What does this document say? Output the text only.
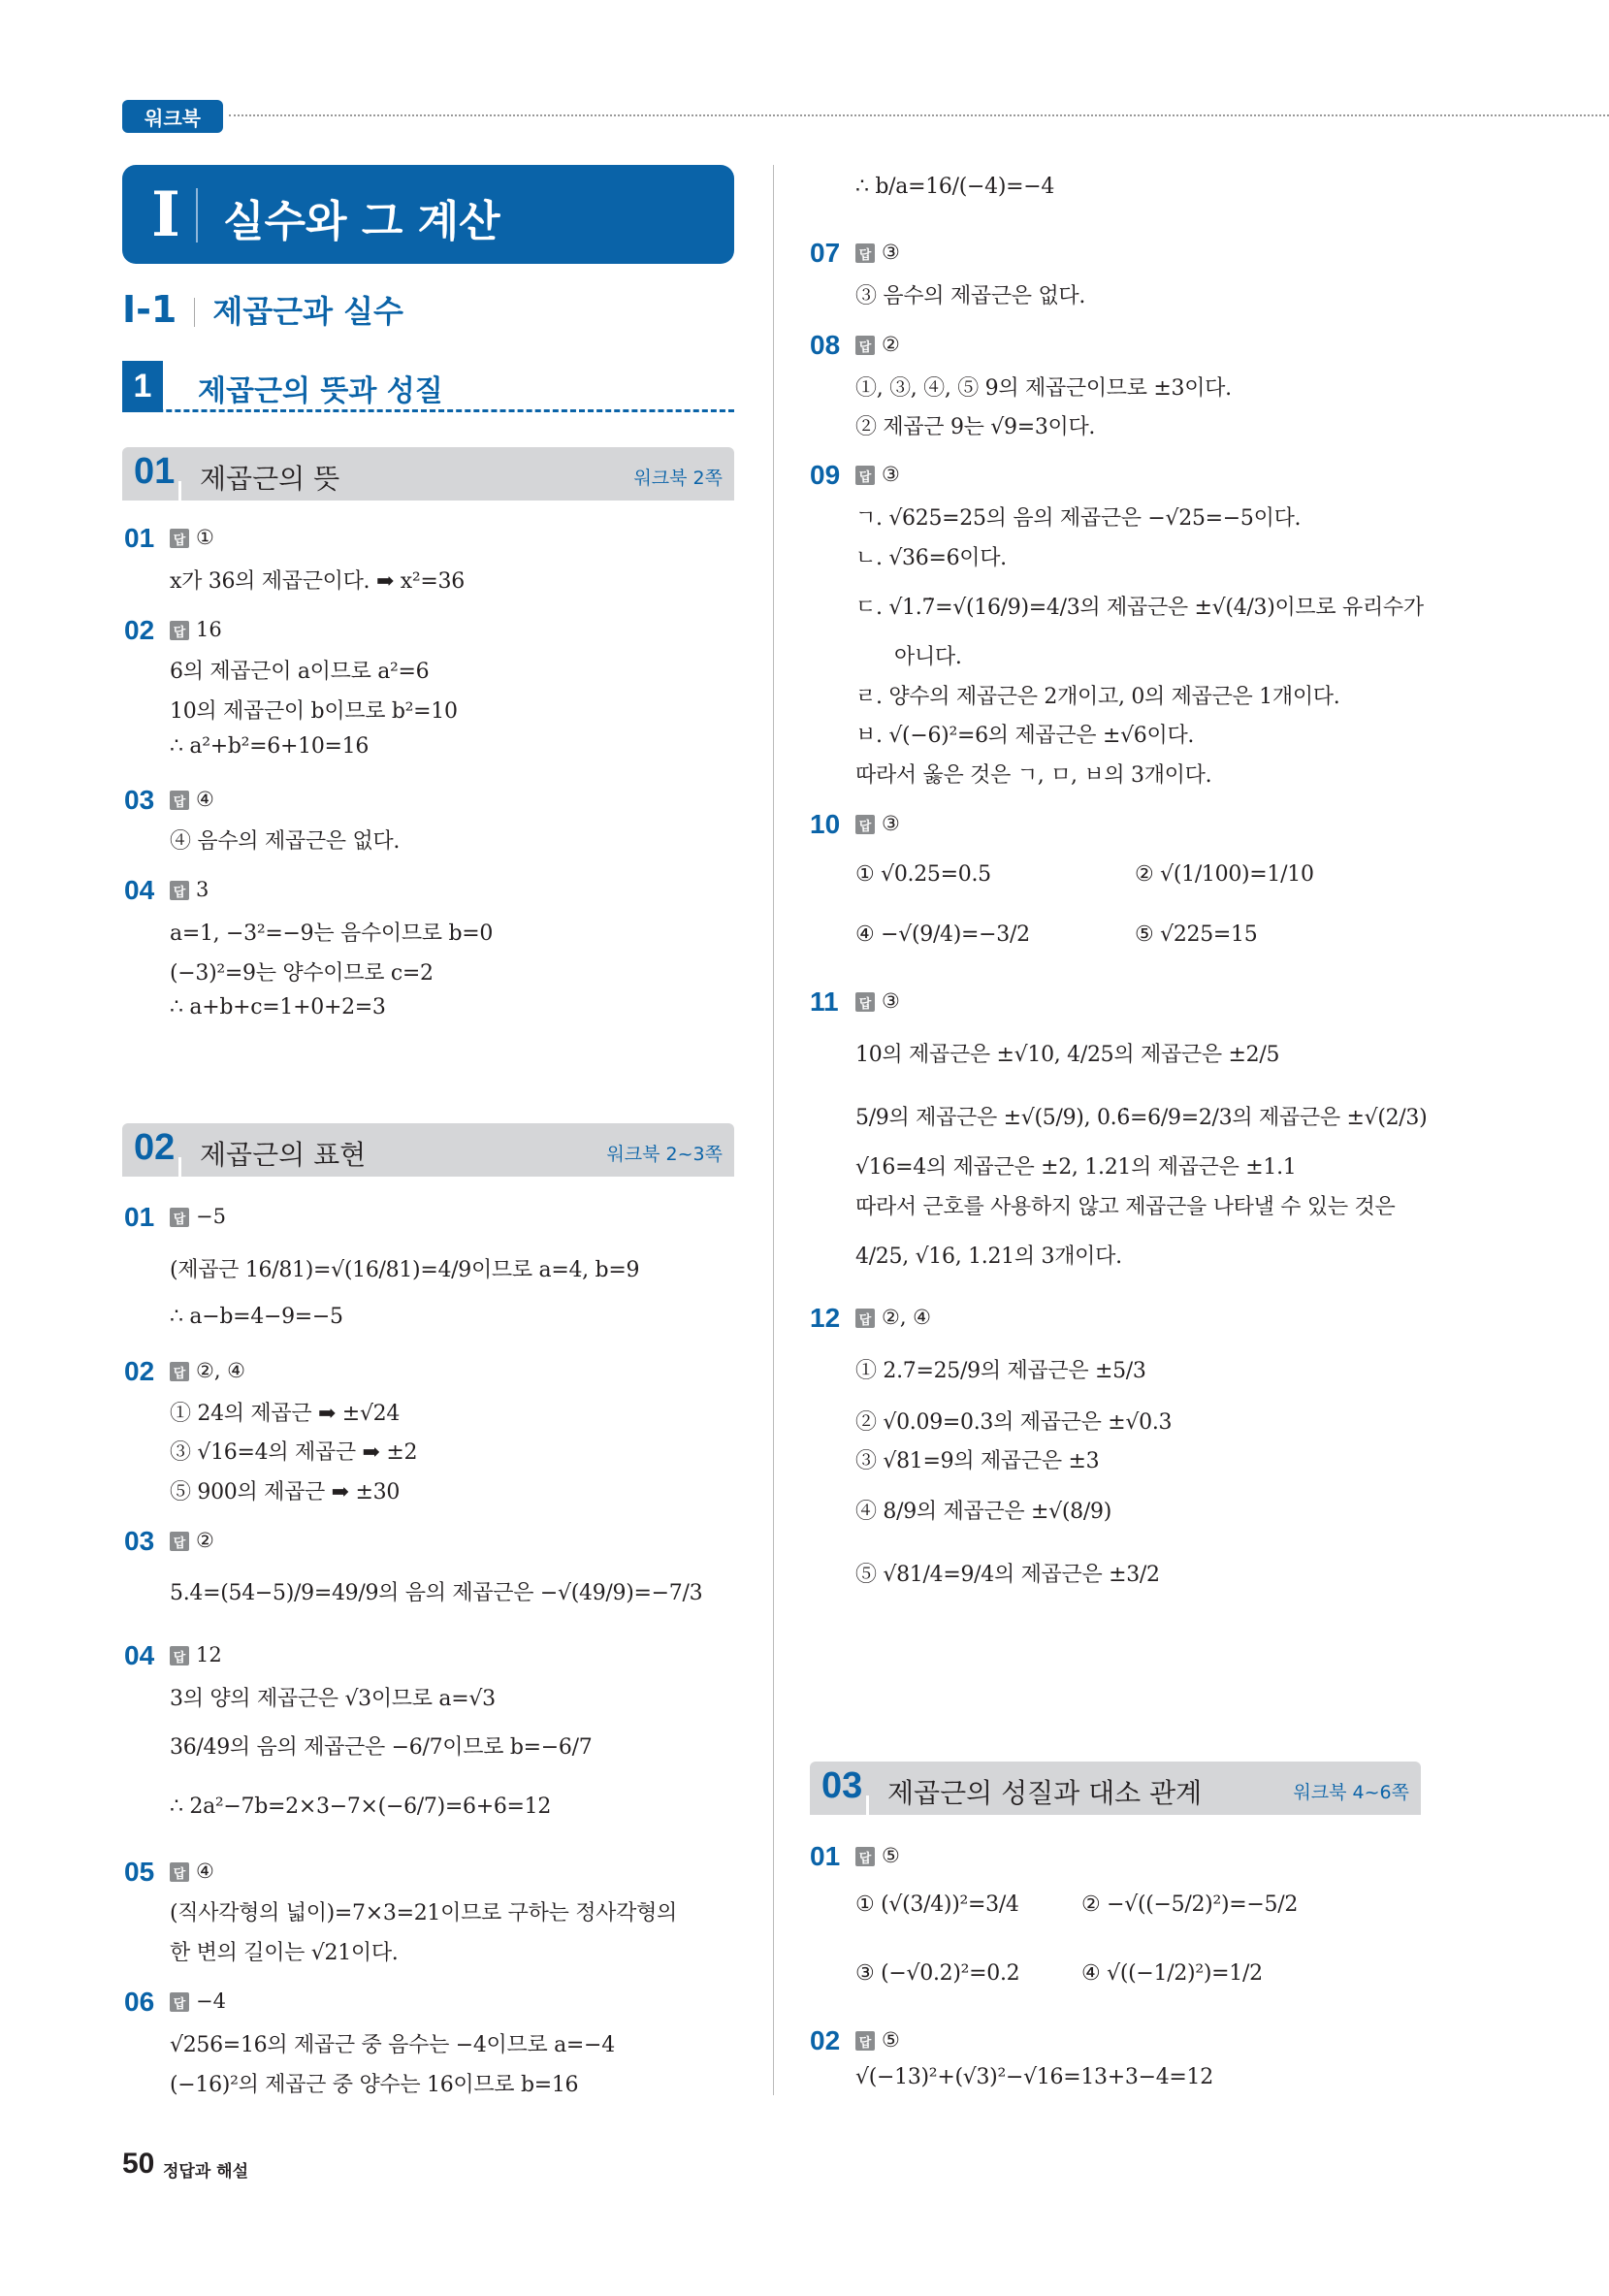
워크북
I 실수와 그 계산
I-1 제곱근과 실수
1	제곱근의 뜻과 성질
01 제곱근의 뜻	워크북 2쪽
02 제곱근의 표현	워크북 2~3쪽
03 제곱근의 성질과 대소 관계	워크북 4~6쪽
∴ b/a=16/(−4)=−4
01 답 ①
x가 36의 제곱근이다. ➡ x²=36
02 답 16
6의 제곱근이 a이므로 a²=6
10의 제곱근이 b이므로 b²=10
∴ a²+b²=6+10=16
03 답 ④
④ 음수의 제곱근은 없다.
04 답 3
a=1, −3²=−9는 음수이므로 b=0
(−3)²=9는 양수이므로 c=2
∴ a+b+c=1+0+2=3
01 답 −5
(제곱근 16/81)=√(16/81)=4/9이므로 a=4, b=9
∴ a−b=4−9=−5
02 답 ②, ④
① 24의 제곱근 ➡ ±√24
③ √16=4의 제곱근 ➡ ±2
⑤ 900의 제곱근 ➡ ±30
03 답 ②
5.4̇=(54−5)/9=49/9의 음의 제곱근은 −√(49/9)=−7/3
04 답 12
3의 양의 제곱근은 √3이므로 a=√3
36/49의 음의 제곱근은 −6/7이므로 b=−6/7
∴ 2a²−7b=2×3−7×(−6/7)=6+6=12
05 답 ④
(직사각형의 넓이)=7×3=21이므로 구하는 정사각형의
한 변의 길이는 √21이다.
06 답 −4
√256=16의 제곱근 중 음수는 −4이므로 a=−4
(−16)²의 제곱근 중 양수는 16이므로 b=16
07 답 ③
③ 음수의 제곱근은 없다.
08 답 ②
①, ③, ④, ⑤ 9의 제곱근이므로 ±3이다.
② 제곱근 9는 √9=3이다.
09 답 ③
ㄱ. √625=25의 음의 제곱근은 −√25=−5이다.
ㄴ. √36=6이다.
ㄷ. √1.7̇=√(16/9)=4/3의 제곱근은 ±√(4/3)이므로 유리수가
아니다.
ㄹ. 양수의 제곱근은 2개이고, 0의 제곱근은 1개이다.
ㅂ. √(−6)²=6의 제곱근은 ±√6이다.
따라서 옳은 것은 ㄱ, ㅁ, ㅂ의 3개이다.
10 답 ③
① √0.25=0.5	② √(1/100)=1/10
④ −√(9/4)=−3/2	⑤ √225=15
11 답 ③
10의 제곱근은 ±√10, 4/25의 제곱근은 ±2/5
5/9의 제곱근은 ±√(5/9), 0.6̇=6/9=2/3의 제곱근은 ±√(2/3)
√16=4의 제곱근은 ±2, 1.21의 제곱근은 ±1.1
따라서 근호를 사용하지 않고 제곱근을 나타낼 수 있는 것은
4/25, √16, 1.21의 3개이다.
12 답 ②, ④
① 2.7̇=25/9의 제곱근은 ±5/3
② √0.09=0.3의 제곱근은 ±√0.3
③ √81=9의 제곱근은 ±3
④ 8/9의 제곱근은 ±√(8/9)
⑤ √81/4=9/4의 제곱근은 ±3/2
01 답 ⑤
① (√(3/4))²=3/4	② −√((−5/2)²)=−5/2
③ (−√0.2)²=0.2	④ √((−1/2)²)=1/2
02 답 ⑤
√(−13)²+(√3)²−√16=13+3−4=12
50 정답과 해설
